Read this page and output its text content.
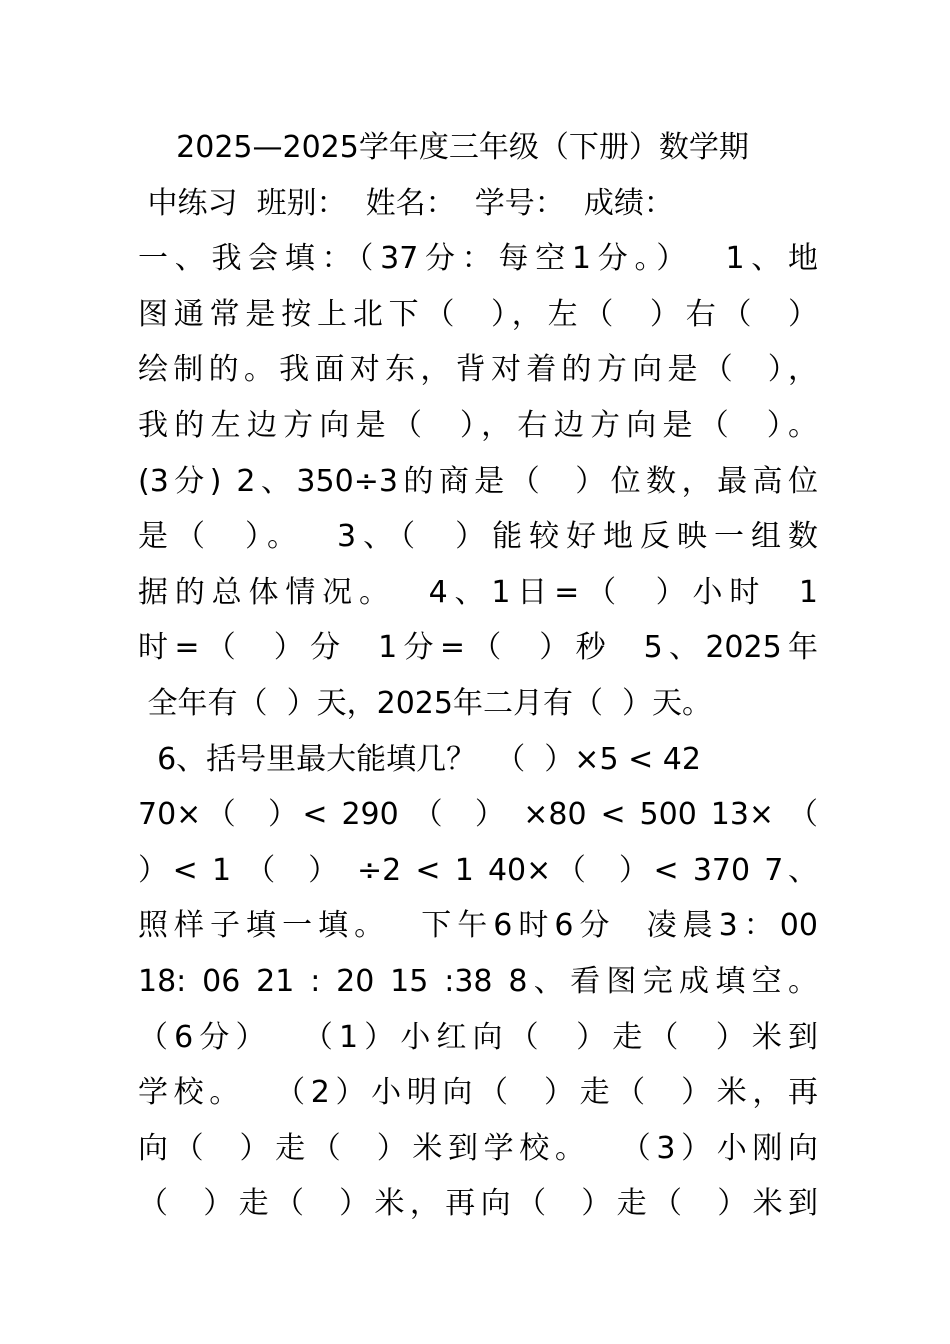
2025—2025学年度三年级（下册）数学期
中练习  班别：  姓名：  学号：  成绩：
一、我会填：（37分：每空1分。）  1、地
图通常是按上北下（  ），左（  ）右（  ）
绘制的。我面对东，背对着的方向是（  ），
我的左边方向是（  ），右边方向是（  ）。
(3分) 2、350÷3的商是（  ）位数，最高位
是（  ）。  3、（  ）能较好地反映一组数
据的总体情况。  4、1日=（  ）小时  1
时=（  ）分  1分=（  ）秒  5、2025年
全年有（  ）天，2025年二月有（  ）天。
6、括号里最大能填几？  （  ）×5 < 42
70×（  ）< 290 （  ） ×80 < 500 13× （
）< 1 （  ） ÷2 < 1 40×（  ）< 370 7、
照样子填一填。  下午6时6分  凌晨3：00
18: 06 21 : 20 15 :38 8、看图完成填空。
（6分）  （1）小红向（  ）走（  ）米到
学校。  （2）小明向（  ）走（  ）米，再
向（  ）走（  ）米到学校。  （3）小刚向
（  ）走（  ）米，再向（  ）走（  ）米到
